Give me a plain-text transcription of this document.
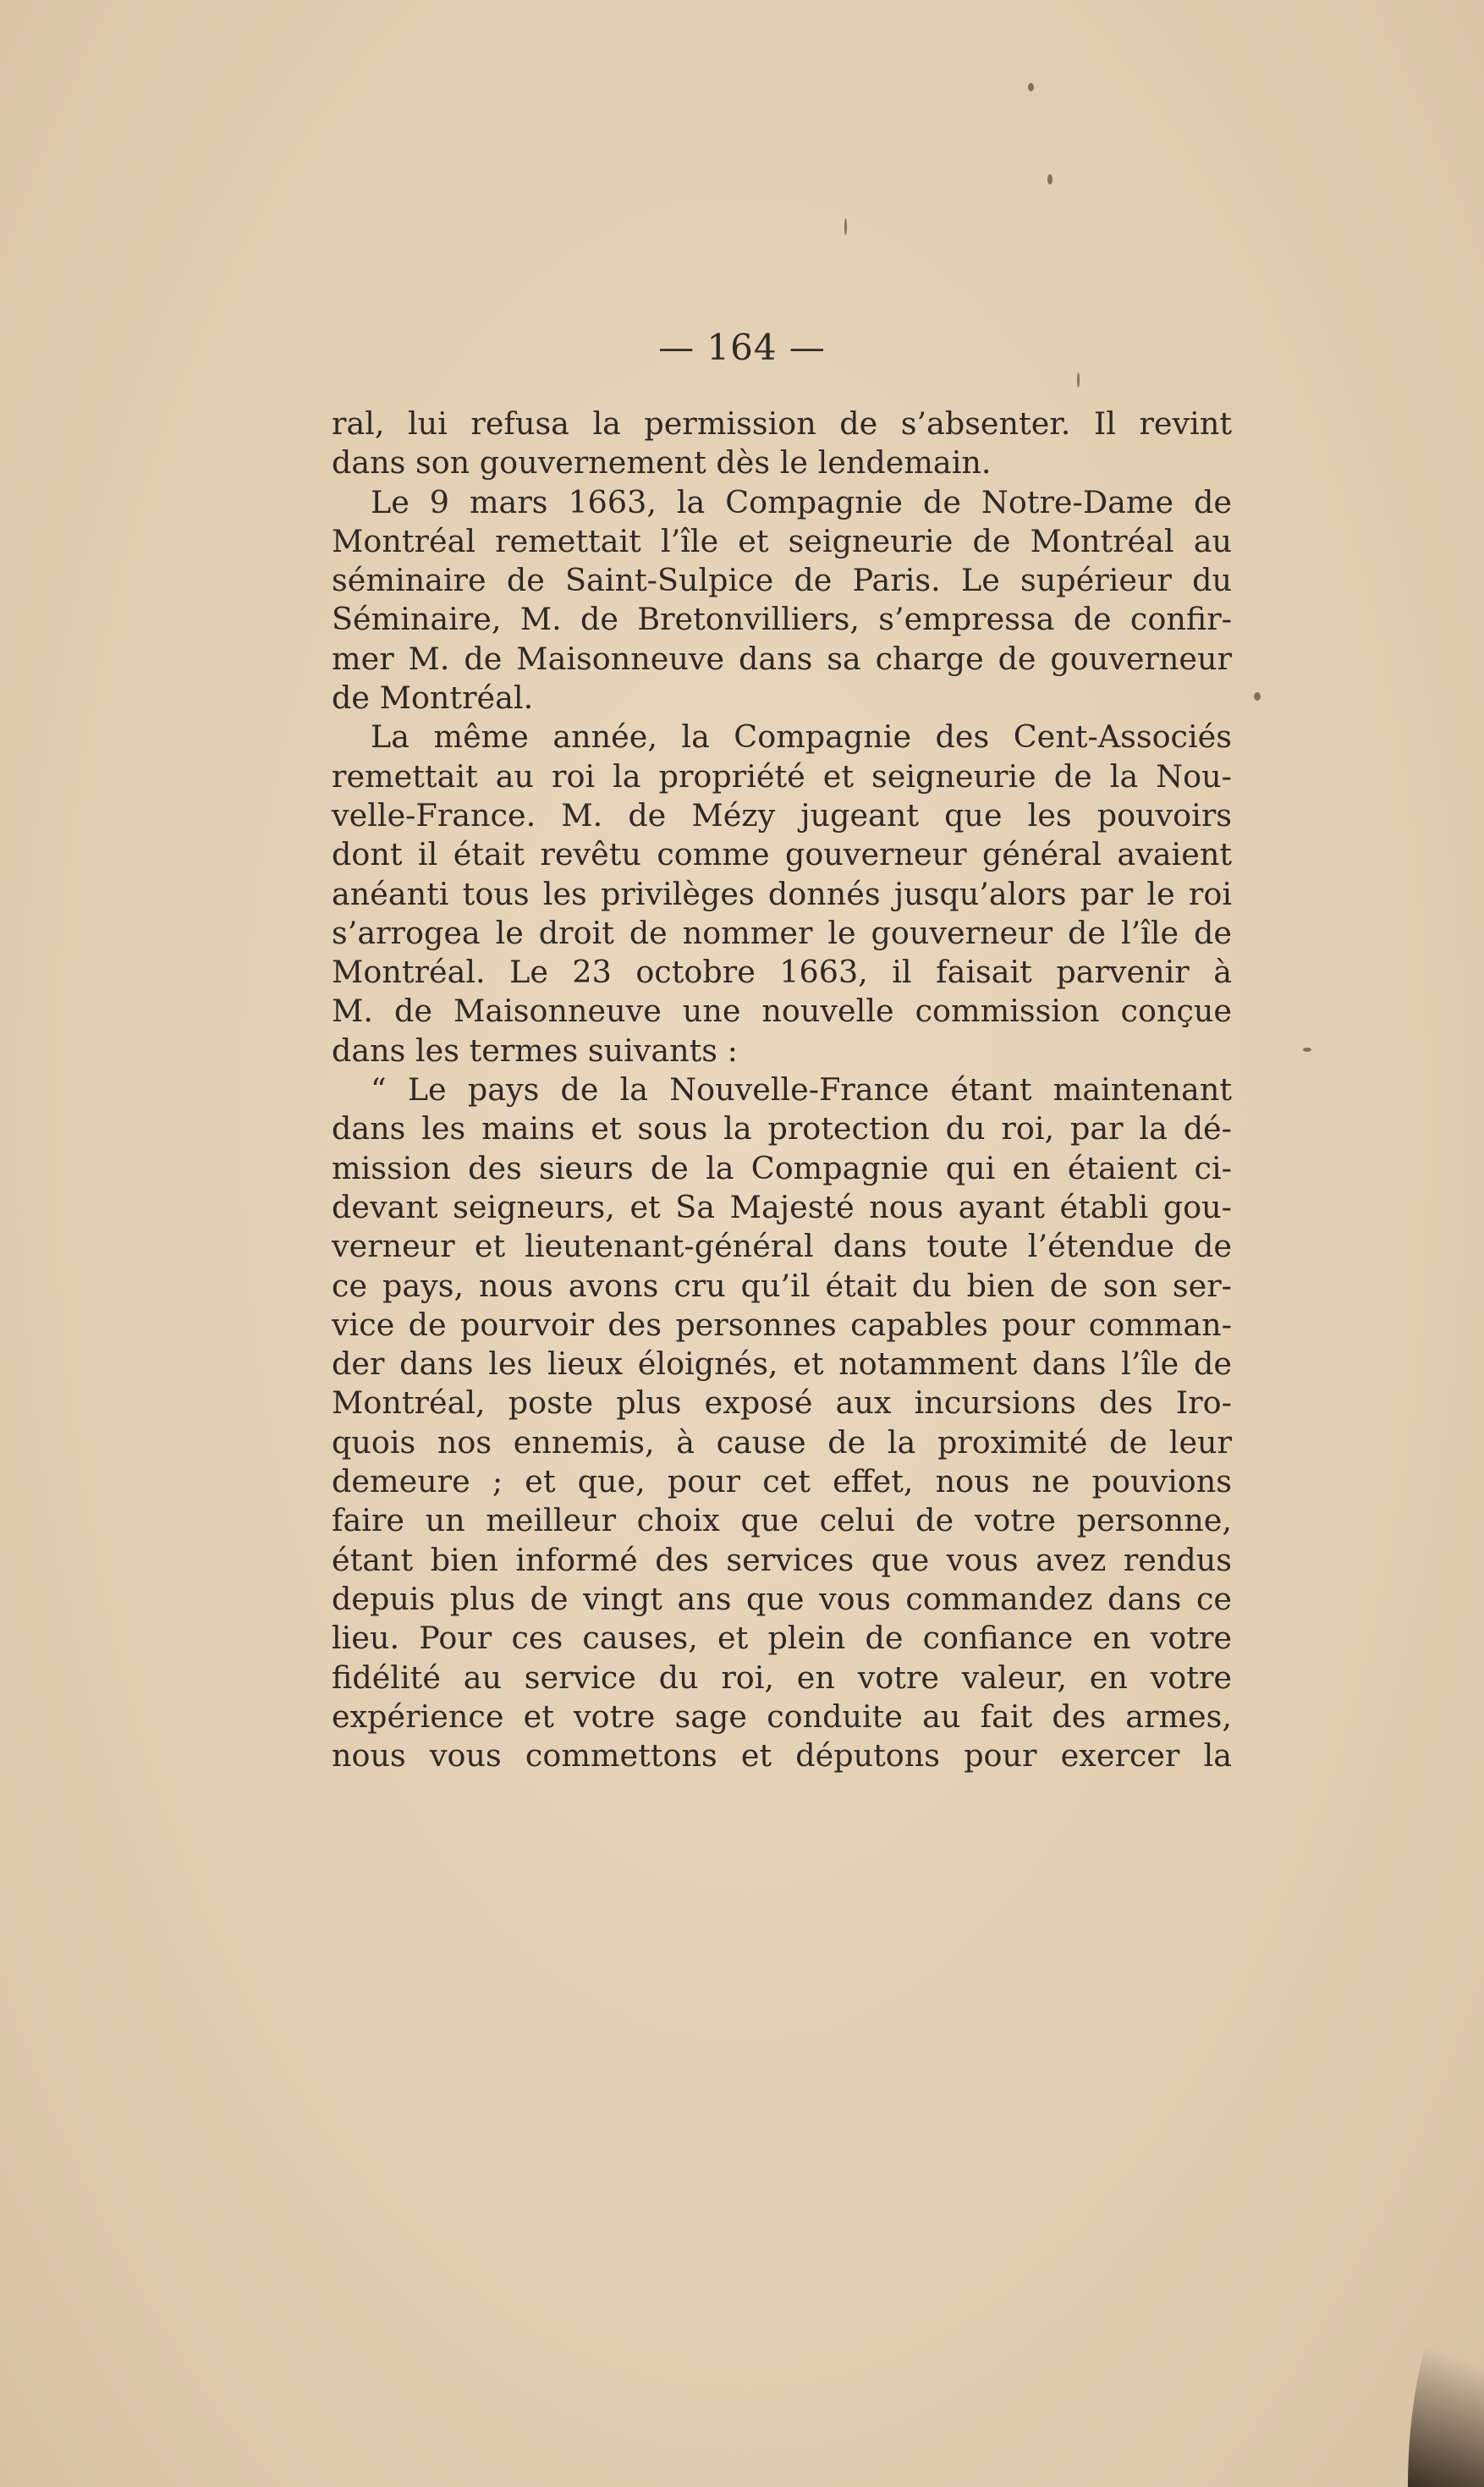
— 164 —
ral, lui refusa la permission de s’absenter. Il revint
dans son gouvernement dès le lendemain.
Le 9 mars 1663, la Compagnie de Notre-Dame de
Montréal remettait l’île et seigneurie de Montréal au
séminaire de Saint-Sulpice de Paris. Le supérieur du
Séminaire, M. de Bretonvilliers, s’empressa de confir-
mer M. de Maisonneuve dans sa charge de gouverneur
de Montréal.
La même année, la Compagnie des Cent-Associés
remettait au roi la propriété et seigneurie de la Nou-
velle-France. M. de Mézy jugeant que les pouvoirs
dont il était revêtu comme gouverneur général avaient
anéanti tous les privilèges donnés jusqu’alors par le roi
s’arrogea le droit de nommer le gouverneur de l’île de
Montréal. Le 23 octobre 1663, il faisait parvenir à
M. de Maisonneuve une nouvelle commission conçue
dans les termes suivants :
“ Le pays de la Nouvelle-France étant maintenant
dans les mains et sous la protection du roi, par la dé-
mission des sieurs de la Compagnie qui en étaient ci-
devant seigneurs, et Sa Majesté nous ayant établi gou-
verneur et lieutenant-général dans toute l’étendue de
ce pays, nous avons cru qu’il était du bien de son ser-
vice de pourvoir des personnes capables pour comman-
der dans les lieux éloignés, et notamment dans l’île de
Montréal, poste plus exposé aux incursions des Iro-
quois nos ennemis, à cause de la proximité de leur
demeure ; et que, pour cet effet, nous ne pouvions
faire un meilleur choix que celui de votre personne,
étant bien informé des services que vous avez rendus
depuis plus de vingt ans que vous commandez dans ce
lieu. Pour ces causes, et plein de confiance en votre
fidélité au service du roi, en votre valeur, en votre
expérience et votre sage conduite au fait des armes,
nous vous commettons et députons pour exercer la
